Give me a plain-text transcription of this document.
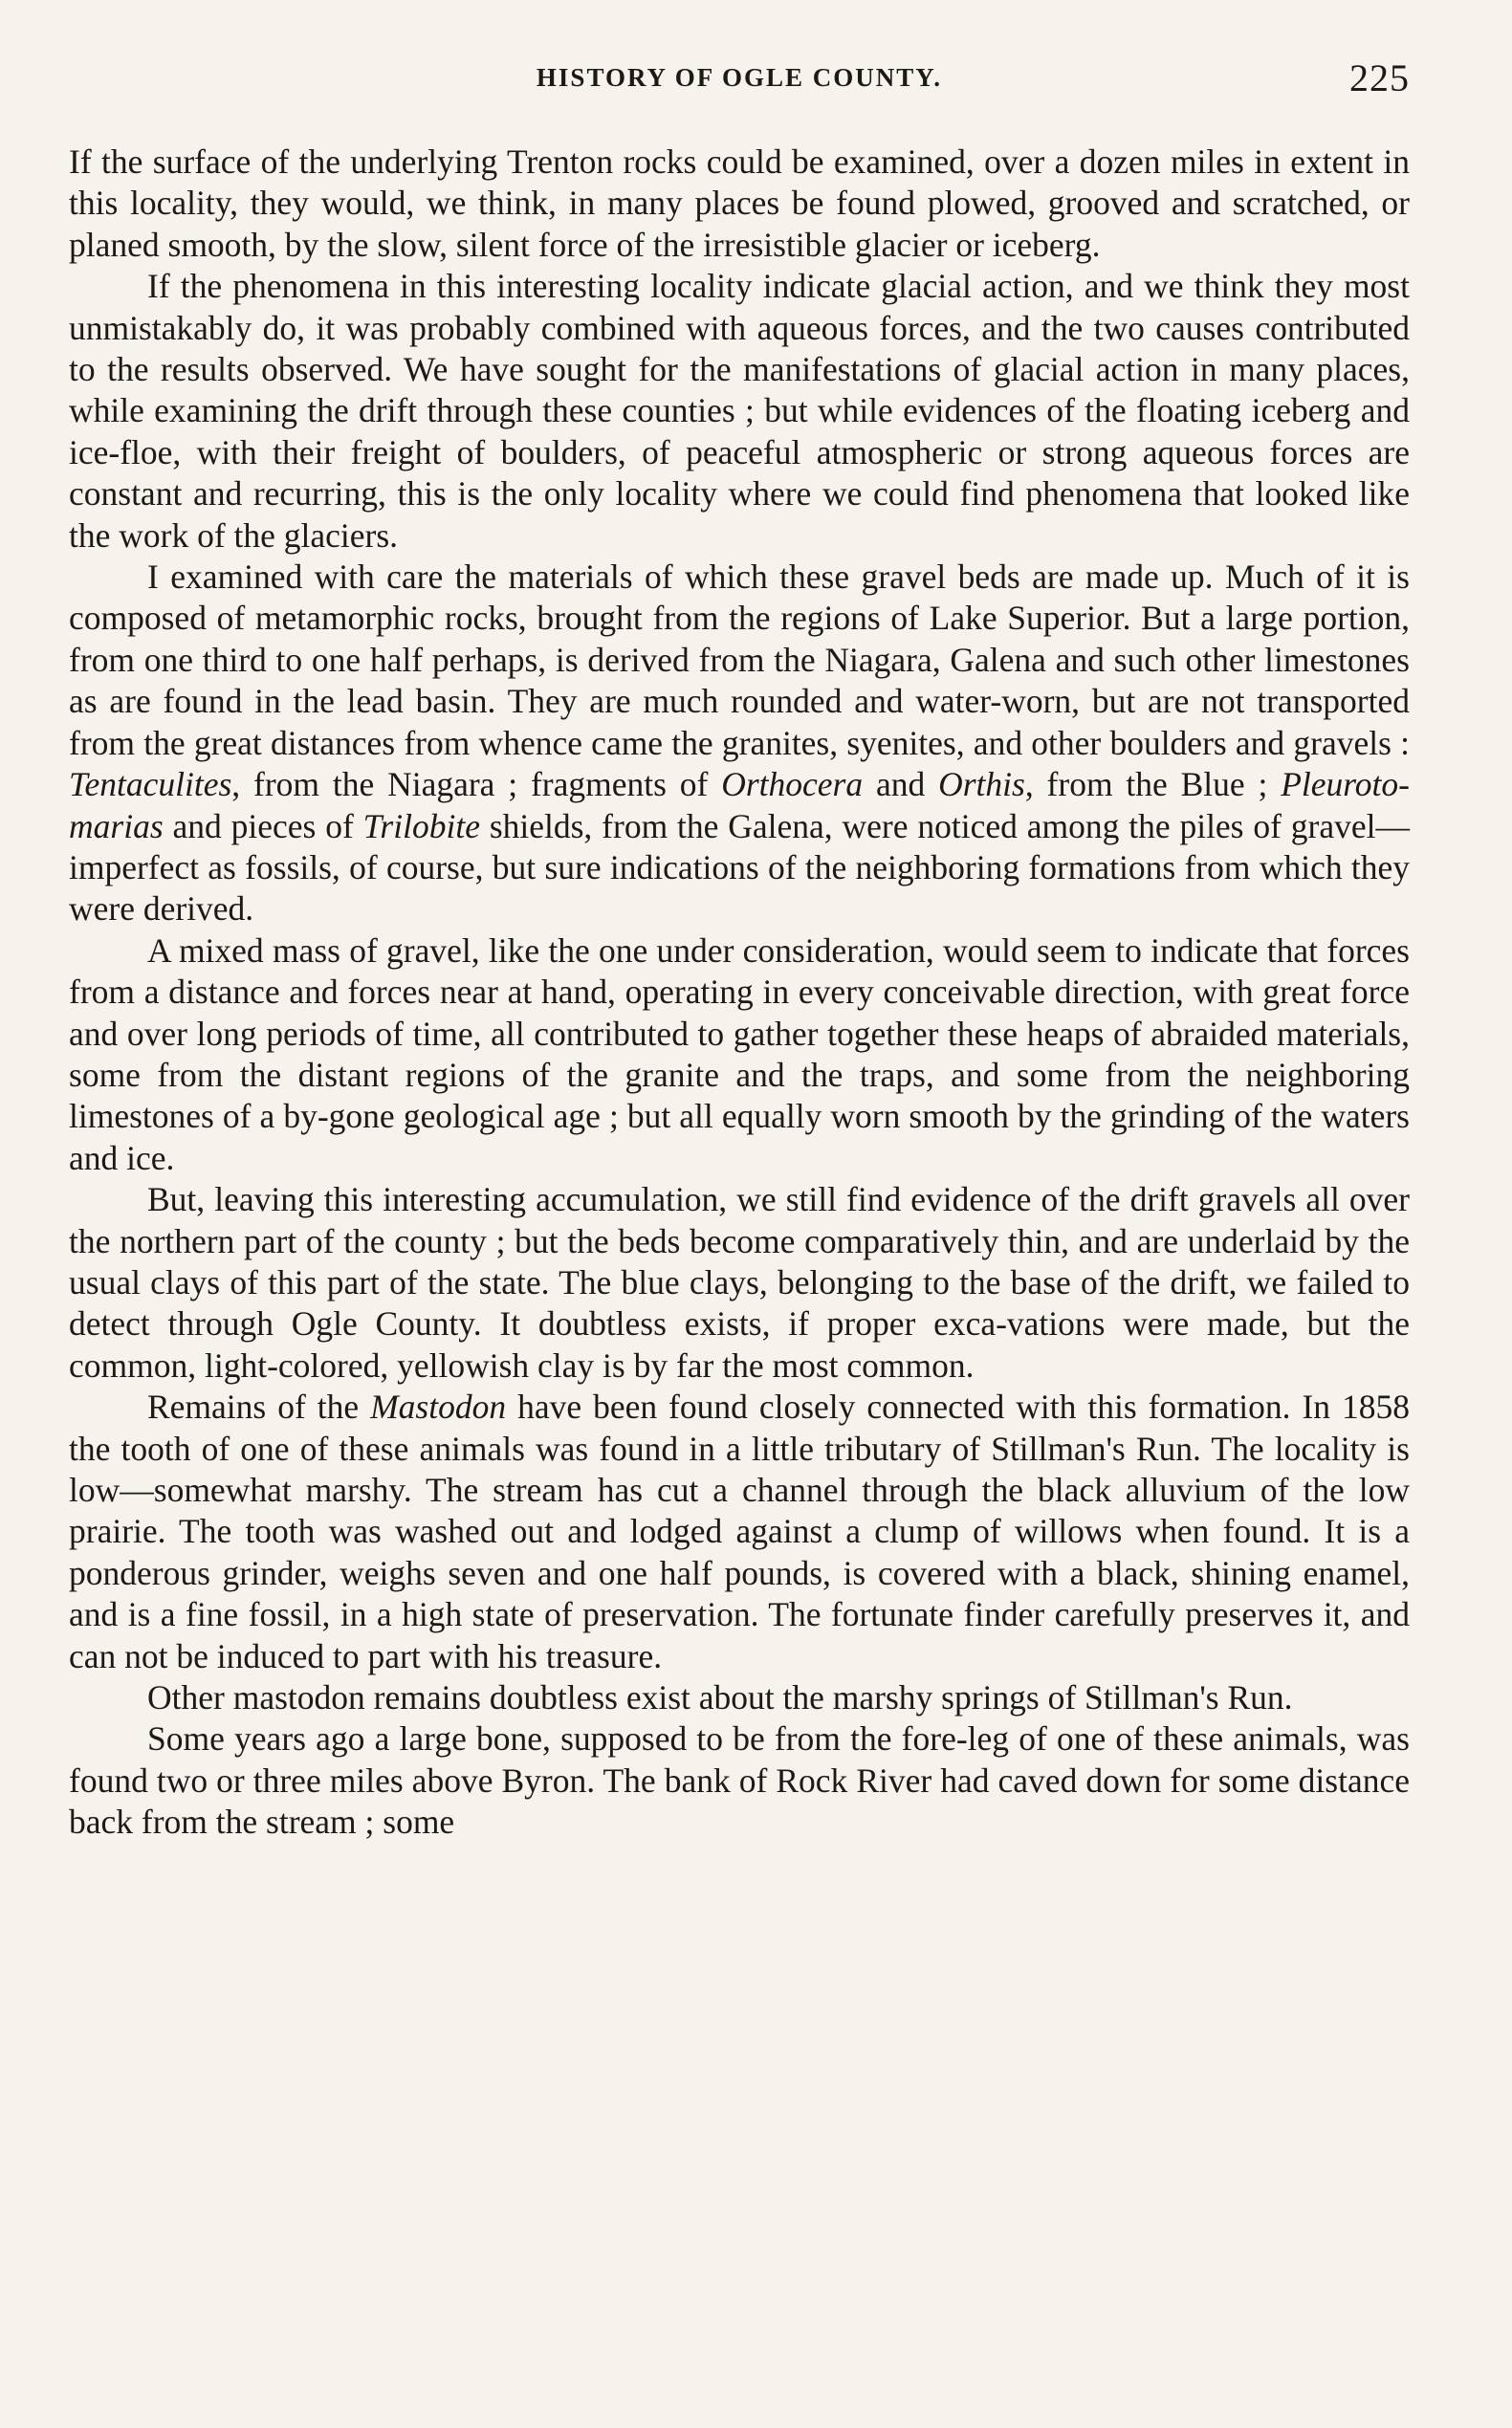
HISTORY OF OGLE COUNTY.	225

If the surface of the underlying Trenton rocks could be examined, over a dozen miles in extent in this locality, they would, we think, in many places be found plowed, grooved and scratched, or planed smooth, by the slow, silent force of the irresistible glacier or iceberg.

If the phenomena in this interesting locality indicate glacial action, and we think they most unmistakably do, it was probably combined with aqueous forces, and the two causes contributed to the results observed. We have sought for the manifestations of glacial action in many places, while examining the drift through these counties ; but while evidences of the floating iceberg and ice-floe, with their freight of boulders, of peaceful atmospheric or strong aqueous forces are constant and recurring, this is the only locality where we could find phenomena that looked like the work of the glaciers.

I examined with care the materials of which these gravel beds are made up. Much of it is composed of metamorphic rocks, brought from the regions of Lake Superior. But a large portion, from one third to one half perhaps, is derived from the Niagara, Galena and such other limestones as are found in the lead basin. They are much rounded and water-worn, but are not transported from the great distances from whence came the granites, syenites, and other boulders and gravels : Tentaculites, from the Niagara ; fragments of Orthocera and Orthis, from the Blue ; Pleuroto-marias and pieces of Trilobite shields, from the Galena, were noticed among the piles of gravel—imperfect as fossils, of course, but sure indications of the neighboring formations from which they were derived.

A mixed mass of gravel, like the one under consideration, would seem to indicate that forces from a distance and forces near at hand, operating in every conceivable direction, with great force and over long periods of time, all contributed to gather together these heaps of abraided materials, some from the distant regions of the granite and the traps, and some from the neighboring limestones of a by-gone geological age ; but all equally worn smooth by the grinding of the waters and ice.

But, leaving this interesting accumulation, we still find evidence of the drift gravels all over the northern part of the county ; but the beds become comparatively thin, and are underlaid by the usual clays of this part of the state. The blue clays, belonging to the base of the drift, we failed to detect through Ogle County. It doubtless exists, if proper exca-vations were made, but the common, light-colored, yellowish clay is by far the most common.

Remains of the Mastodon have been found closely connected with this formation. In 1858 the tooth of one of these animals was found in a little tributary of Stillman's Run. The locality is low—somewhat marshy. The stream has cut a channel through the black alluvium of the low prairie. The tooth was washed out and lodged against a clump of willows when found. It is a ponderous grinder, weighs seven and one half pounds, is covered with a black, shining enamel, and is a fine fossil, in a high state of preservation. The fortunate finder carefully preserves it, and can not be induced to part with his treasure.

Other mastodon remains doubtless exist about the marshy springs of Stillman's Run.

Some years ago a large bone, supposed to be from the fore-leg of one of these animals, was found two or three miles above Byron. The bank of Rock River had caved down for some distance back from the stream ; some
